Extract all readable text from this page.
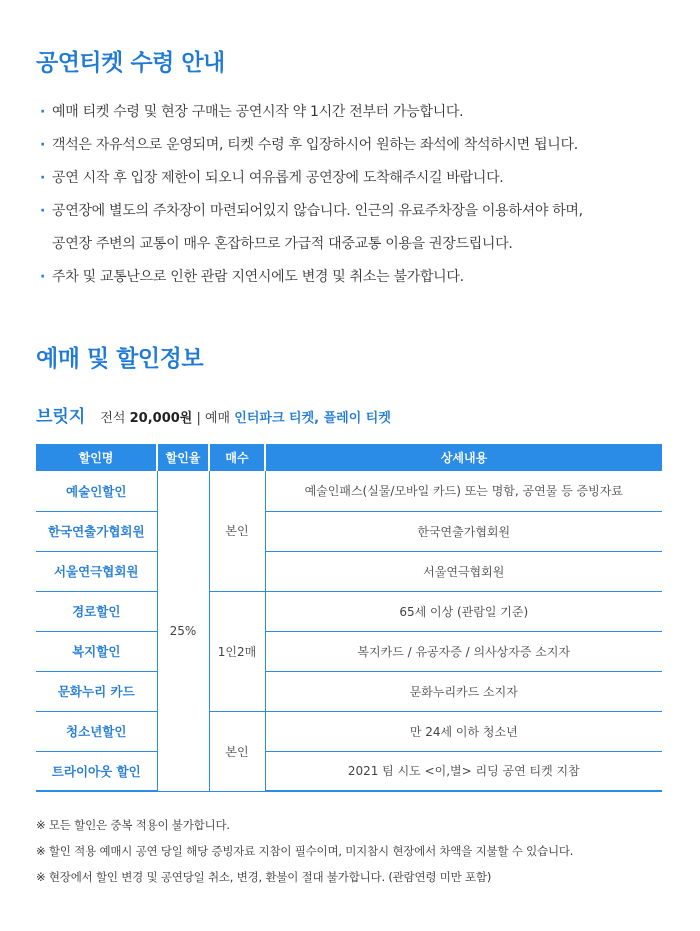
공연티켓 수령 안내
· 예매 티켓 수령 및 현장 구매는 공연시작 약 1시간 전부터 가능합니다.
· 객석은 자유석으로 운영되며, 티켓 수령 후 입장하시어 원하는 좌석에 착석하시면 됩니다.
· 공연 시작 후 입장 제한이 되오니 여유롭게 공연장에 도착해주시길 바랍니다.
· 공연장에 별도의 주차장이 마련되어있지 않습니다. 인근의 유료주차장을 이용하셔야 하며,
공연장 주변의 교통이 매우 혼잡하므로 가급적 대중교통 이용을 권장드립니다.
· 주차 및 교통난으로 인한 관람 지연시에도 변경 및 취소는 불가합니다.
예매 및 할인정보
브릿지 전석 20,000원 | 예매 인터파크 티켓, 플레이 티켓
할인명	할인율	매수	상세내용
예술인할인	25%	본인	예술인패스(실물/모바일 카드) 또는 명함, 공연물 등 증빙자료
한국연출가협회원			한국연출가협회원
서울연극협회원			서울연극협회원
경로할인		1인2매	65세 이상 (관람일 기준)
복지할인			복지카드 / 유공자증 / 의사상자증 소지자
문화누리 카드			문화누리카드 소지자
청소년할인		본인	만 24세 이하 청소년
트라이아웃 할인			2021 팀 시도 <이,별> 리딩 공연 티켓 지참
※ 모든 할인은 중복 적용이 불가합니다.
※ 할인 적용 예매시 공연 당일 해당 증빙자료 지참이 필수이며, 미지참시 현장에서 차액을 지불할 수 있습니다.
※ 현장에서 할인 변경 및 공연당일 취소, 변경, 환불이 절대 불가합니다. (관람연령 미만 포함)
